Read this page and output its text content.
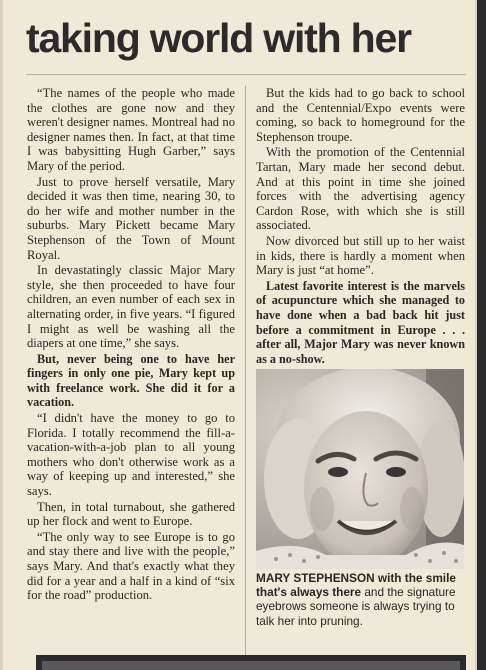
taking world with her

“The names of the people who made the clothes are gone now and they weren't designer names. Montreal had no designer names then. In fact, at that time I was babysitting Hugh Garber,” says Mary of the period.

Just to prove herself versatile, Mary decided it was then time, nearing 30, to do her wife and mother number in the suburbs. Mary Pickett became Mary Stephenson of the Town of Mount Royal.

In devastatingly classic Major Mary style, she then proceeded to have four children, an even number of each sex in alternating order, in five years. “I figured I might as well be washing all the diapers at one time,” she says.

But, never being one to have her fingers in only one pie, Mary kept up with freelance work. She did it for a vacation.

“I didn't have the money to go to Florida. I totally recommend the fill-a-vacation-with-a-job plan to all young mothers who don't otherwise work as a way of keeping up and interested,” she says.

Then, in total turnabout, she gathered up her flock and went to Europe.

“The only way to see Europe is to go and stay there and live with the people,” says Mary. And that's exactly what they did for a year and a half in a kind of “six for the road” production.

But the kids had to go back to school and the Centennial/Expo events were coming, so back to homeground for the Stephenson troupe.

With the promotion of the Centennial Tartan, Mary made her second debut. And at this point in time she joined forces with the advertising agency Cardon Rose, with which she is still associated.

Now divorced but still up to her waist in kids, there is hardly a moment when Mary is just “at home”.

Latest favorite interest is the marvels of acupuncture which she managed to have done when a bad back hit just before a commitment in Europe . . . after all, Major Mary was never known as a no-show.

MARY STEPHENSON with the smile that's always there and the signature eyebrows someone is always trying to talk her into pruning.
